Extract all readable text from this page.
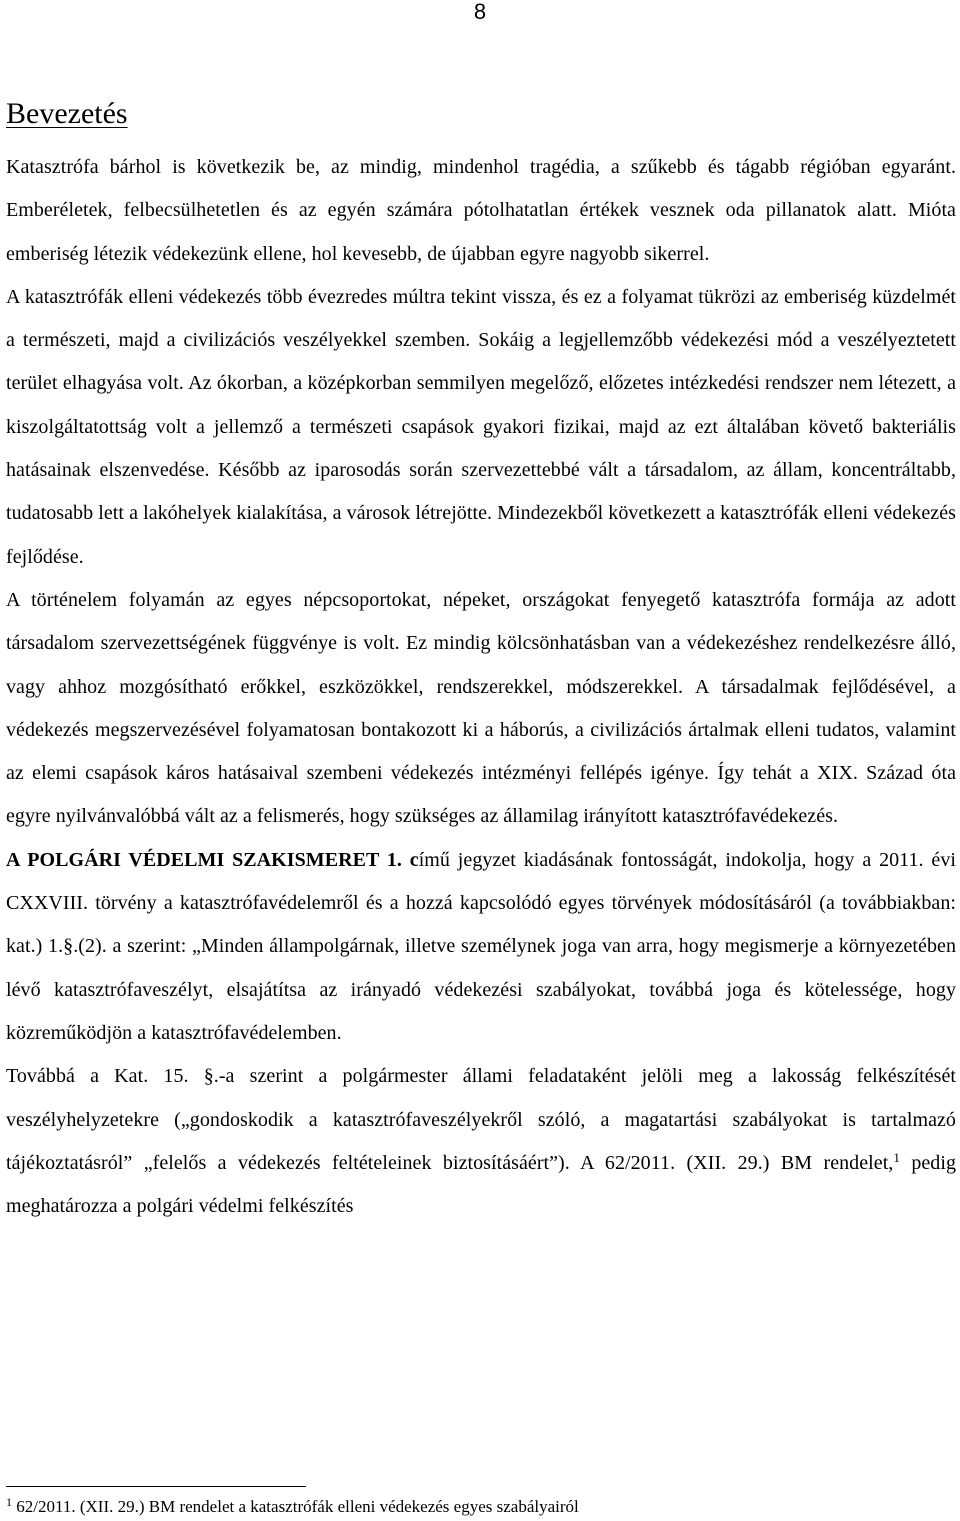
8
Bevezetés

Katasztrófa bárhol is következik be, az mindig, mindenhol tragédia, a szűkebb és tágabb régióban egyaránt. Emberéletek, felbecsülhetetlen és az egyén számára pótolhatatlan értékek vesznek oda pillanatok alatt. Mióta emberiség létezik védekezünk ellene, hol kevesebb, de újabban egyre nagyobb sikerrel.

A katasztrófák elleni védekezés több évezredes múltra tekint vissza, és ez a folyamat tükrözi az emberiség küzdelmét a természeti, majd a civilizációs veszélyekkel szemben. Sokáig a legjellemzőbb védekezési mód a veszélyeztetett terület elhagyása volt. Az ókorban, a középkorban semmilyen megelőző, előzetes intézkedési rendszer nem létezett, a kiszolgáltatottság volt a jellemző a természeti csapások gyakori fizikai, majd az ezt általában követő bakteriális hatásainak elszenvedése. Később az iparosodás során szervezettebbé vált a társadalom, az állam, koncentráltabb, tudatosabb lett a lakóhelyek kialakítása, a városok létrejötte. Mindezekből következett a katasztrófák elleni védekezés fejlődése.

A történelem folyamán az egyes népcsoportokat, népeket, országokat fenyegető katasztrófa formája az adott társadalom szervezettségének függvénye is volt. Ez mindig kölcsönhatásban van a védekezéshez rendelkezésre álló, vagy ahhoz mozgósítható erőkkel, eszközökkel, rendszerekkel, módszerekkel. A társadalmak fejlődésével, a védekezés megszervezésével folyamatosan bontakozott ki a háborús, a civilizációs ártalmak elleni tudatos, valamint az elemi csapások káros hatásaival szembeni védekezés intézményi fellépés igénye. Így tehát a XIX. Század óta egyre nyilvánvalóbbá vált az a felismerés, hogy szükséges az államilag irányított katasztrófavédekezés.

A POLGÁRI VÉDELMI SZAKISMERET 1. című jegyzet kiadásának fontosságát, indokolja, hogy a 2011. évi CXXVIII. törvény a katasztrófavédelemről és a hozzá kapcsolódó egyes törvények módosításáról (a továbbiakban: kat.) 1.§.(2). a szerint: „Minden állampolgárnak, illetve személynek joga van arra, hogy megismerje a környezetében lévő katasztrófaveszélyt, elsajátítsa az irányadó védekezési szabályokat, továbbá joga és kötelessége, hogy közreműködjön a katasztrófavédelemben.

Továbbá a Kat. 15. §.-a szerint a polgármester állami feladataként jelöli meg a lakosság felkészítését veszélyhelyzetekre („gondoskodik a katasztrófaveszélyekről szóló, a magatartási szabályokat is tartalmazó tájékoztatásról” „felelős a védekezés feltételeinek biztosításáért”). A 62/2011. (XII. 29.) BM rendelet,$^1$ pedig meghatározza a polgári védelmi felkészítés

$^1$ 62/2011. (XII. 29.) BM rendelet a katasztrófák elleni védekezés egyes szabályairól
